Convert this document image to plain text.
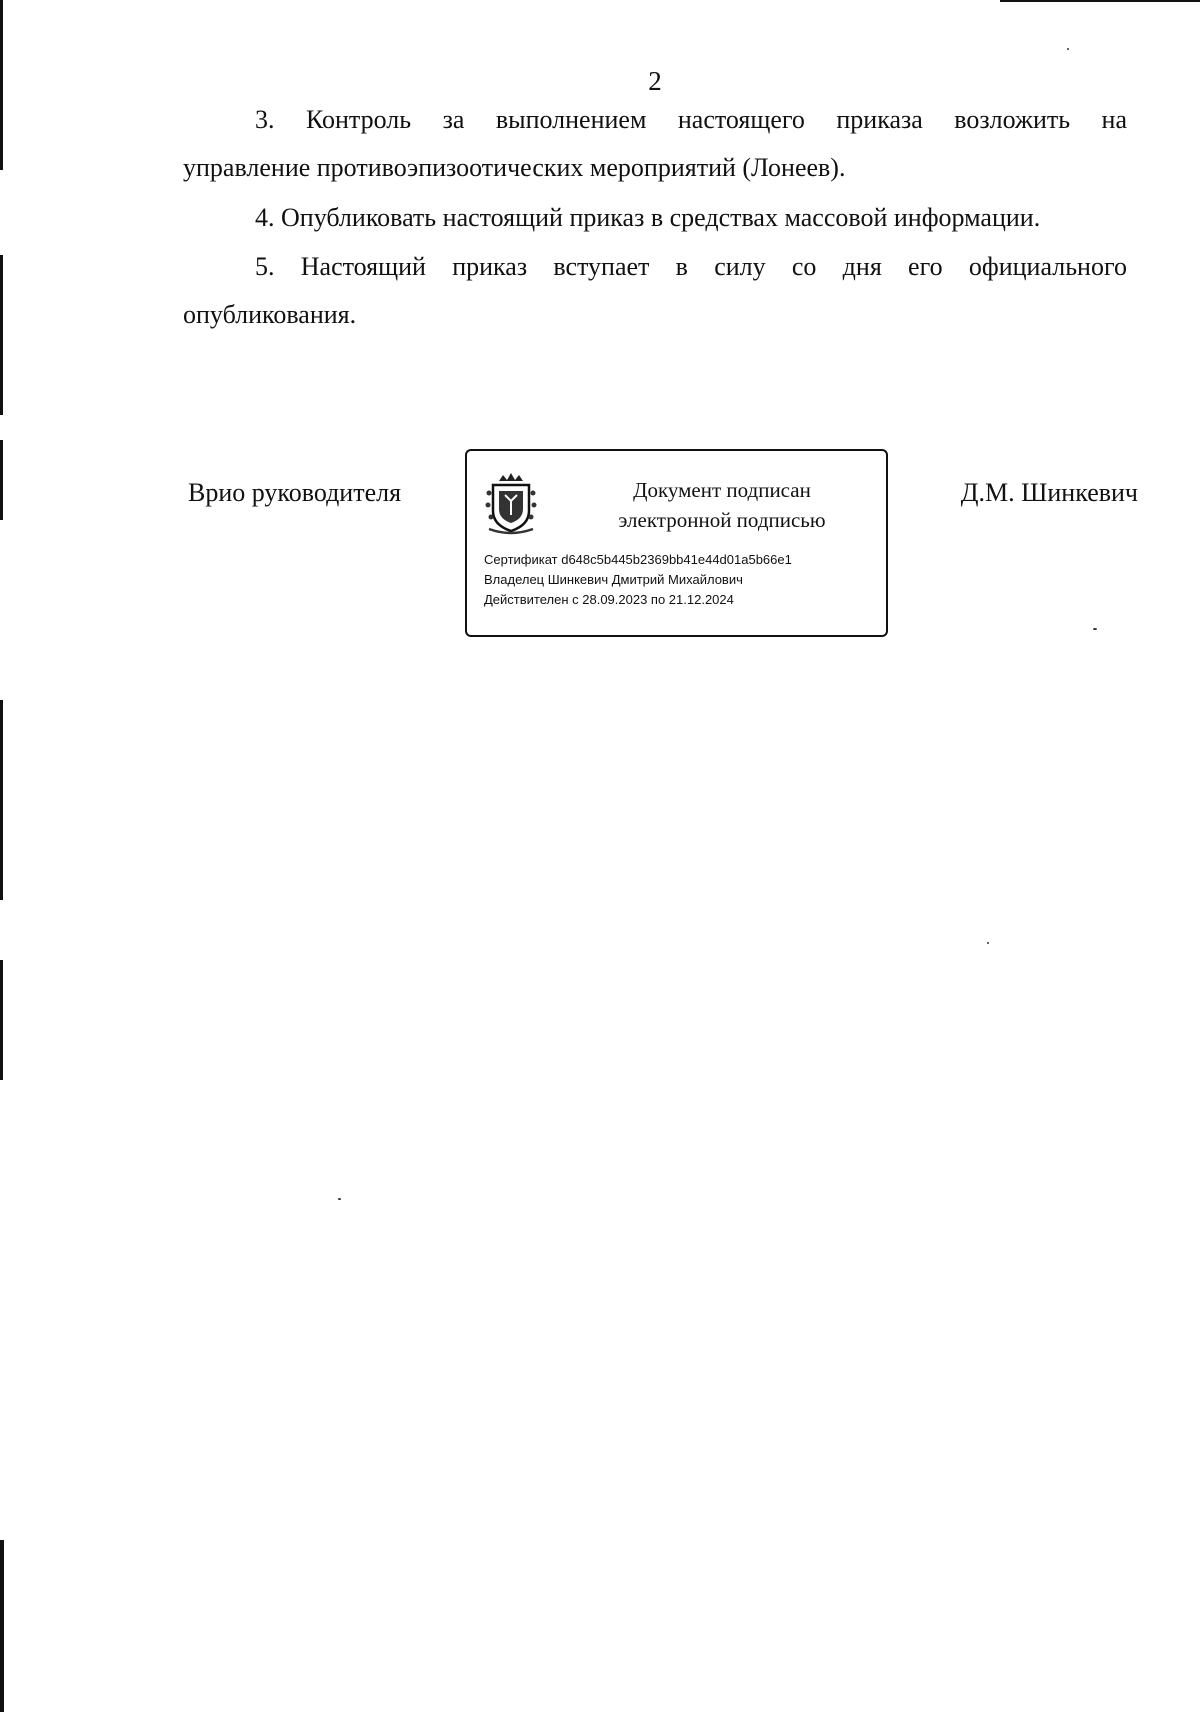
2
3. Контроль за выполнением настоящего приказа возложить на
управление противоэпизоотических мероприятий (Лонеев).
4. Опубликовать настоящий приказ в средствах массовой информации.
5. Настоящий приказ вступает в силу со дня его официального
опубликования.
Врио руководителя	Документ подписан
электронной подписью
Сертификат d648c5b445b2369bb41e44d01a5b66e1
Владелец Шинкевич Дмитрий Михайлович
Действителен с 28.09.2023 по 21.12.2024
Д.М. Шинкевич
